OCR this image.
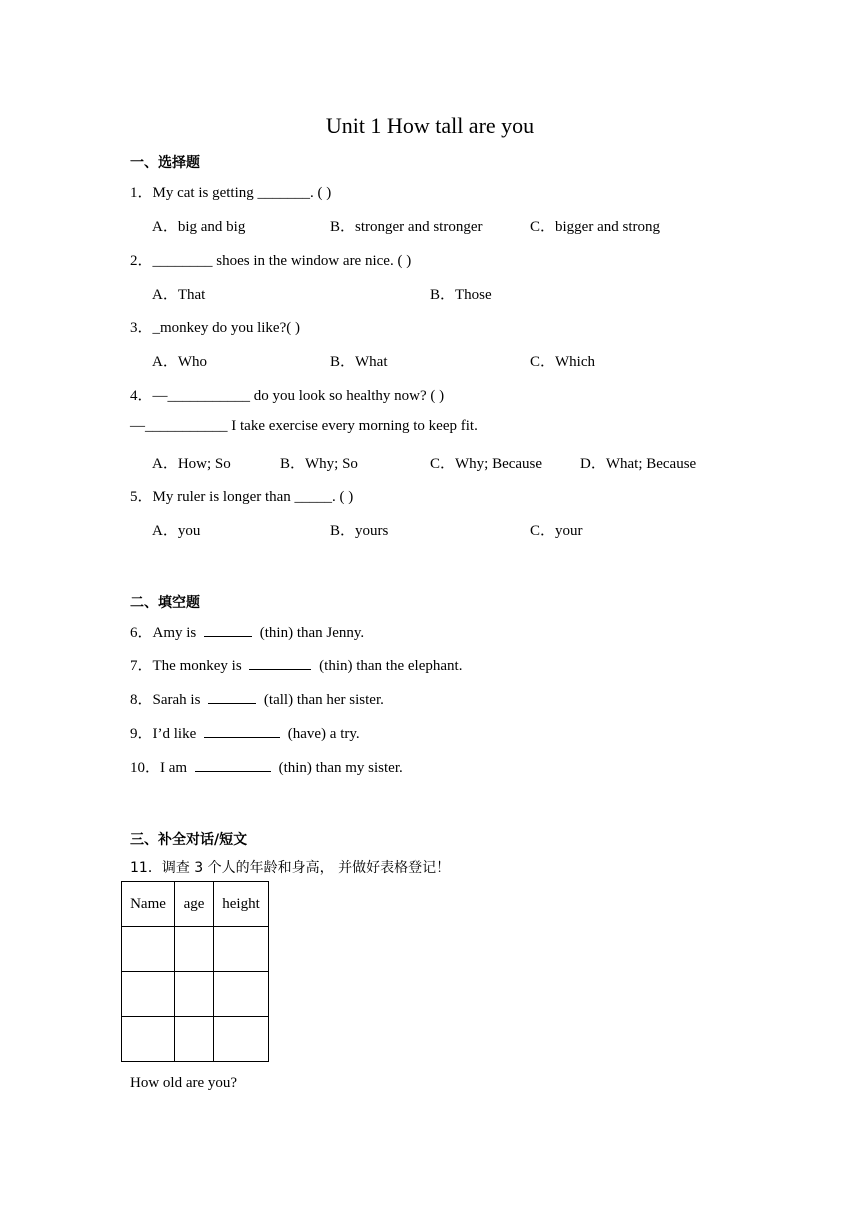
Unit 1 How tall are you
一、选择题
1．My cat is getting _______. ( )
A．big and big	B．stronger and stronger	C．bigger and strong
2．________ shoes in the window are nice. ( )
A．That	B．Those
3．_monkey do you like?( )
A．Who	B．What	C．Which
4．—___________ do you look so healthy now? ( )
—___________ I take exercise every morning to keep fit.
A．How; So	B．Why; So	C．Why; Because	D．What; Because
5．My ruler is longer than _____. ( )
A．you	B．yours	C．your
二、填空题
6．Amy is	(thin) than Jenny.
7．The monkey is	(thin) than the elephant.
8．Sarah is	(tall) than her sister.
9．I’d like	(have) a try.
10．I am	(thin) than my sister.
三、补全对话/短文
11．调查 3 个人的年龄和身高， 并做好表格登记！
Name	age	height

How old are you?
